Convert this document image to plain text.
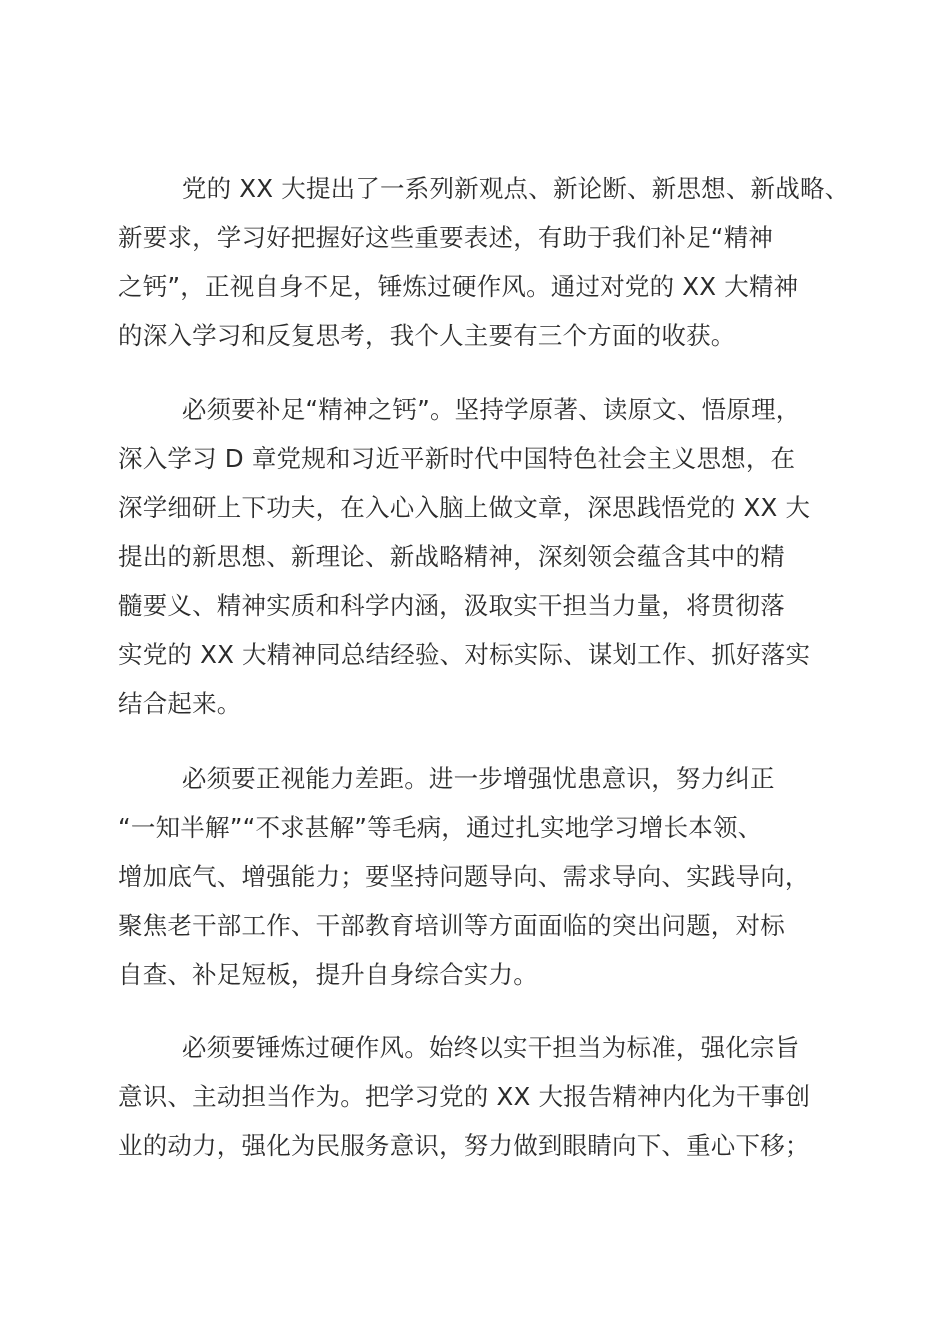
党的 XX 大提出了一系列新观点、新论断、新思想、新战略、
新要求，学习好把握好这些重要表述，有助于我们补足“精神
之钙”，正视自身不足，锤炼过硬作风。通过对党的 XX 大精神
的深入学习和反复思考，我个人主要有三个方面的收获。
必须要补足“精神之钙”。坚持学原著、读原文、悟原理，
深入学习 D 章党规和习近平新时代中国特色社会主义思想，在
深学细研上下功夫，在入心入脑上做文章，深思践悟党的 XX 大
提出的新思想、新理论、新战略精神，深刻领会蕴含其中的精
髓要义、精神实质和科学内涵，汲取实干担当力量，将贯彻落
实党的 XX 大精神同总结经验、对标实际、谋划工作、抓好落实
结合起来。
必须要正视能力差距。进一步增强忧患意识，努力纠正
“一知半解”“不求甚解”等毛病，通过扎实地学习增长本领、
增加底气、增强能力；要坚持问题导向、需求导向、实践导向，
聚焦老干部工作、干部教育培训等方面面临的突出问题，对标
自查、补足短板，提升自身综合实力。
必须要锤炼过硬作风。始终以实干担当为标准，强化宗旨
意识、主动担当作为。把学习党的 XX 大报告精神内化为干事创
业的动力，强化为民服务意识，努力做到眼睛向下、重心下移；
